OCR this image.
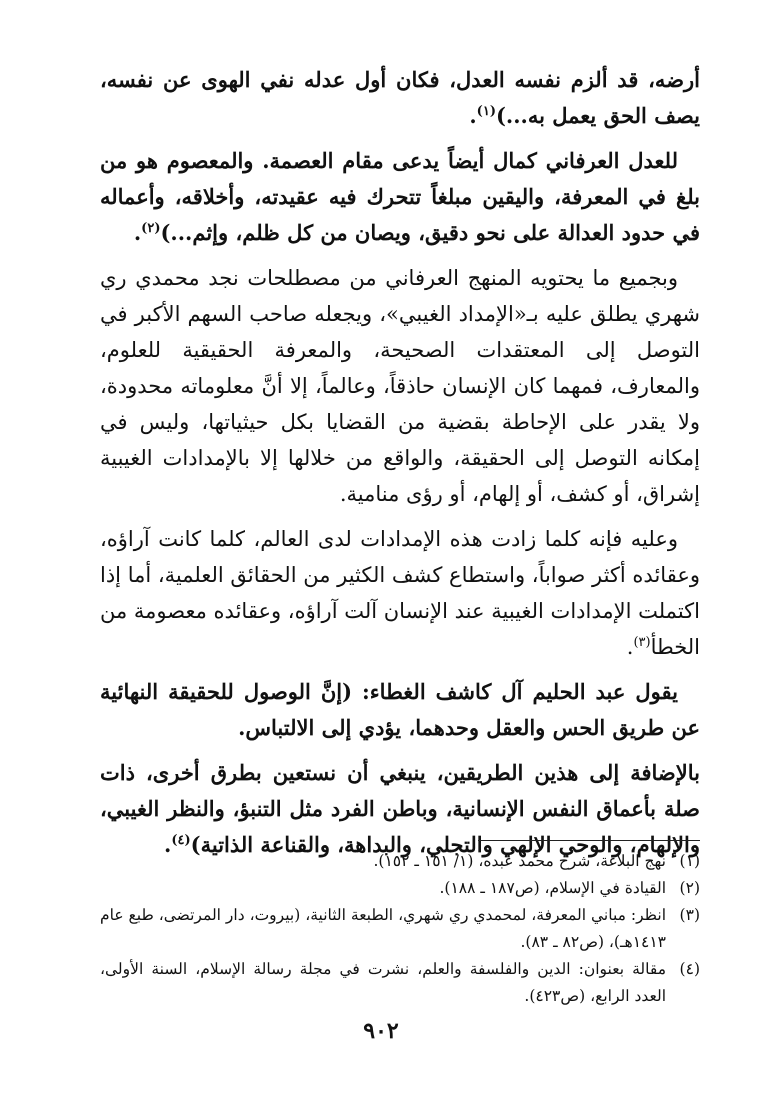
أرضه، قد ألزم نفسه العدل، فكان أول عدله نفي الهوى عن نفسه، يصف الحق يعمل به...)$^{(١)}$.

للعدل العرفاني كمال أيضاً يدعى مقام العصمة. والمعصوم هو من بلغ في المعرفة، واليقين مبلغاً تتحرك فيه عقيدته، وأخلاقه، وأعماله في حدود العدالة على نحو دقيق، ويصان من كل ظلم، وإثم...)$^{(٢)}$.

وبجميع ما يحتويه المنهج العرفاني من مصطلحات نجد محمدي ري شهري يطلق عليه بـ«الإمداد الغيبي»، ويجعله صاحب السهم الأكبر في التوصل إلى المعتقدات الصحيحة، والمعرفة الحقيقية للعلوم، والمعارف، فمهما كان الإنسان حاذقاً، وعالماً، إلا أنَّ معلوماته محدودة، ولا يقدر على الإحاطة بقضية من القضايا بكل حيثياتها، وليس في إمكانه التوصل إلى الحقيقة، والواقع من خلالها إلا بالإمدادات الغيبية إشراق، أو كشف، أو إلهام، أو رؤى منامية.

وعليه فإنه كلما زادت هذه الإمدادات لدى العالم، كلما كانت آراؤه، وعقائده أكثر صواباً، واستطاع كشف الكثير من الحقائق العلمية، أما إذا اكتملت الإمدادات الغيبية عند الإنسان آلت آراؤه، وعقائده معصومة من الخطأ$^{(٣)}$.

يقول عبد الحليم آل كاشف الغطاء: (إنَّ الوصول للحقيقة النهائية عن طريق الحس والعقل وحدهما، يؤدي إلى الالتباس.

بالإضافة إلى هذين الطريقين، ينبغي أن نستعين بطرق أخرى، ذات صلة بأعماق النفس الإنسانية، وباطن الفرد مثل التنبؤ، والنظر الغيبي، والإلهام، والوحي الإلهي والتجلي، والبداهة، والقناعة الذاتية)$^{(٤)}$.

(١)
نهج البلاغة، شرح محمد عبده، (١/ ١٥١ ـ ١٥٢).
(٢)
القيادة في الإسلام، (ص١٨٧ ـ ١٨٨).
(٣)
انظر: مباني المعرفة، لمحمدي ري شهري، الطبعة الثانية، (بيروت، دار المرتضى، طبع عام ١٤١٣هـ)، (ص٨٢ ـ ٨٣).
(٤)
مقالة بعنوان: الدين والفلسفة والعلم، نشرت في مجلة رسالة الإسلام، السنة الأولى، العدد الرابع، (ص٤٢٣).
٩٠٢
